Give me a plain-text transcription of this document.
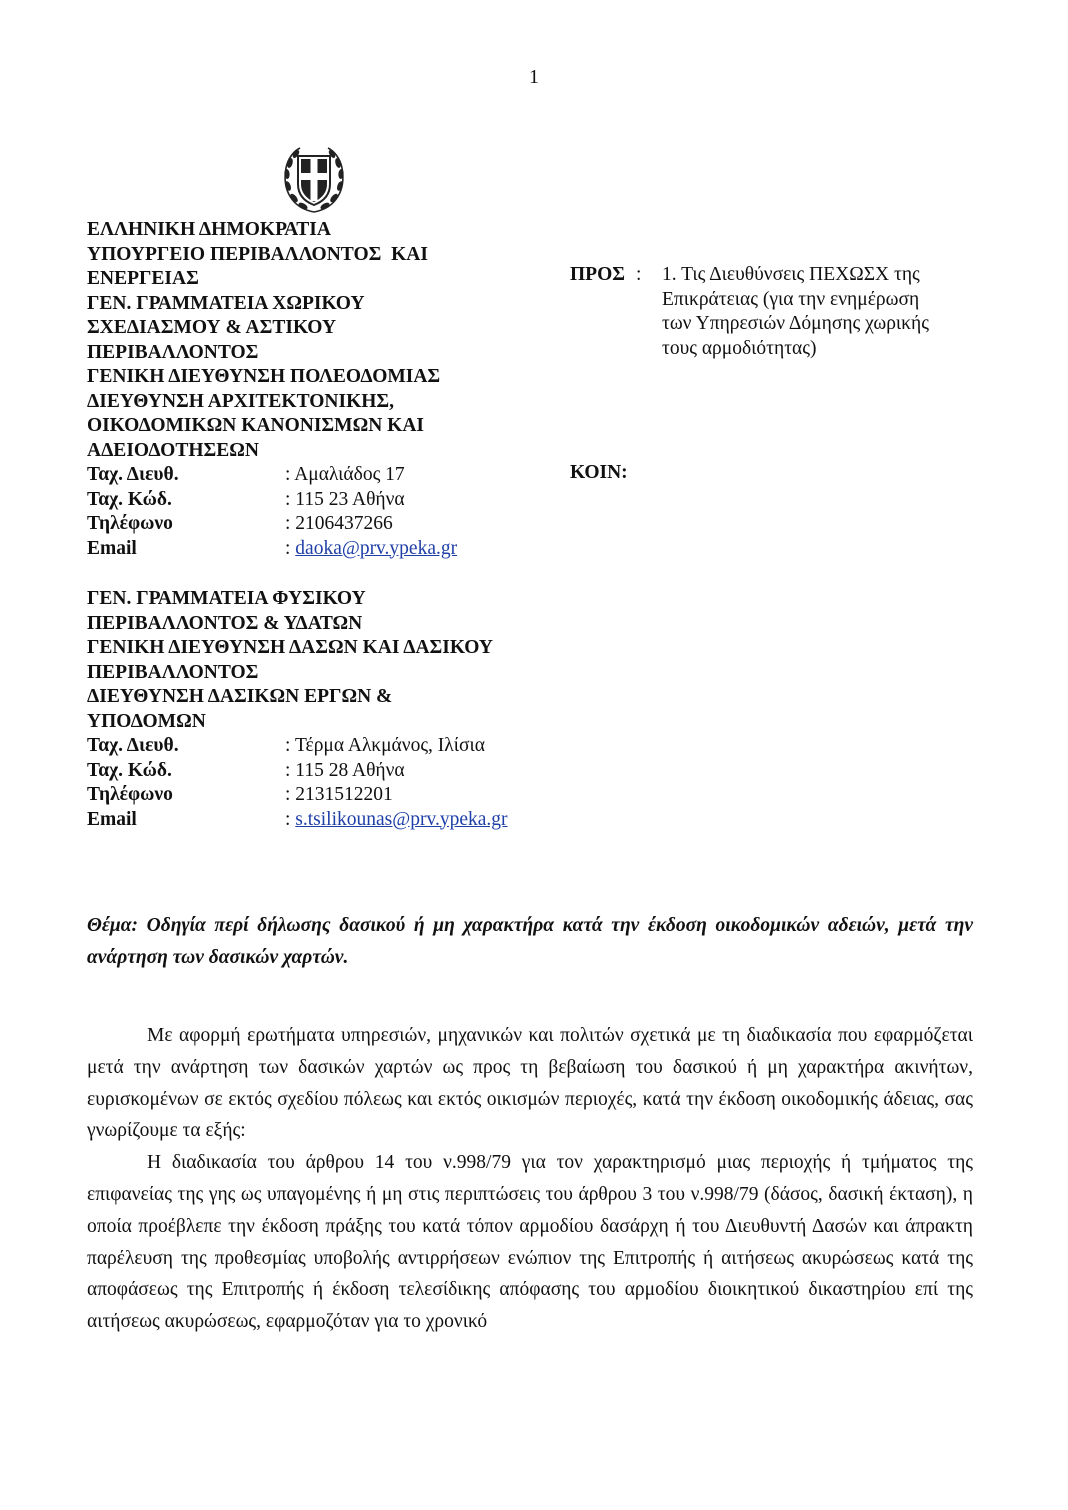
1
ΕΛΛΗΝΙΚΗ ΔΗΜΟΚΡΑΤΙΑ
ΥΠΟΥΡΓΕΙΟ ΠΕΡΙΒΑΛΛΟΝΤΟΣ  ΚΑΙ
ΕΝΕΡΓΕΙΑΣ
ΓΕΝ. ΓΡΑΜΜΑΤΕΙΑ ΧΩΡΙΚΟΥ
ΣΧΕΔΙΑΣΜΟΥ & ΑΣΤΙΚΟΥ
ΠΕΡΙΒΑΛΛΟΝΤΟΣ
ΓΕΝΙΚΗ ΔΙΕΥΘΥΝΣΗ ΠΟΛΕΟΔΟΜΙΑΣ
ΔΙΕΥΘΥΝΣΗ ΑΡΧΙΤΕΚΤΟΝΙΚΗΣ,
ΟΙΚΟΔΟΜΙΚΩΝ ΚΑΝΟΝΙΣΜΩΝ ΚΑΙ
ΑΔΕΙΟΔΟΤΗΣΕΩΝ
Ταχ. Διευθ.	: Αμαλιάδος 17
Ταχ. Κώδ.	: 115 23 Αθήνα
Τηλέφωνο	: 2106437266
Email	: daoka@prv.ypeka.gr
ΓΕΝ. ΓΡΑΜΜΑΤΕΙΑ ΦΥΣΙΚΟΥ
ΠΕΡΙΒΑΛΛΟΝΤΟΣ & ΥΔΑΤΩΝ
ΓΕΝΙΚΗ ΔΙΕΥΘΥΝΣΗ ΔΑΣΩΝ ΚΑΙ ΔΑΣΙΚΟΥ
ΠΕΡΙΒΑΛΛΟΝΤΟΣ
ΔΙΕΥΘΥΝΣΗ ΔΑΣΙΚΩΝ ΕΡΓΩΝ &
ΥΠΟΔΟΜΩΝ
Ταχ. Διευθ.	: Τέρμα Αλκμάνος, Ιλίσια
Ταχ. Κώδ.	: 115 28 Αθήνα
Τηλέφωνο	: 2131512201
Email	: s.tsilikounas@prv.ypeka.gr
ΠΡΟΣ : 1. Τις Διευθύνσεις ΠΕΧΩΣΧ της
Επικράτειας (για την ενημέρωση
των Υπηρεσιών Δόμησης χωρικής
τους αρμοδιότητας)
ΚΟΙΝ:
Θέμα: Οδηγία περί δήλωσης δασικού ή μη χαρακτήρα κατά την έκδοση οικοδομικών αδειών, μετά την ανάρτηση των δασικών χαρτών.

Με αφορμή ερωτήματα υπηρεσιών, μηχανικών και πολιτών σχετικά με τη διαδικασία που εφαρμόζεται μετά την ανάρτηση των δασικών χαρτών ως προς τη βεβαίωση του δασικού ή μη χαρακτήρα ακινήτων, ευρισκομένων σε εκτός σχεδίου πόλεως και εκτός οικισμών περιοχές, κατά την έκδοση οικοδομικής άδειας, σας γνωρίζουμε τα εξής:

Η διαδικασία του άρθρου 14 του ν.998/79 για τον χαρακτηρισμό μιας περιοχής ή τμήματος της επιφανείας της γης ως υπαγομένης ή μη στις περιπτώσεις του άρθρου 3 του ν.998/79 (δάσος, δασική έκταση), η οποία προέβλεπε την έκδοση πράξης του κατά τόπον αρμοδίου δασάρχη ή του Διευθυντή Δασών και άπρακτη παρέλευση της προθεσμίας υποβολής αντιρρήσεων ενώπιον της Επιτροπής ή αιτήσεως ακυρώσεως κατά της αποφάσεως της Επιτροπής ή έκδοση τελεσίδικης απόφασης του αρμοδίου διοικητικού δικαστηρίου επί της αιτήσεως ακυρώσεως, εφαρμοζόταν για το χρονικό
